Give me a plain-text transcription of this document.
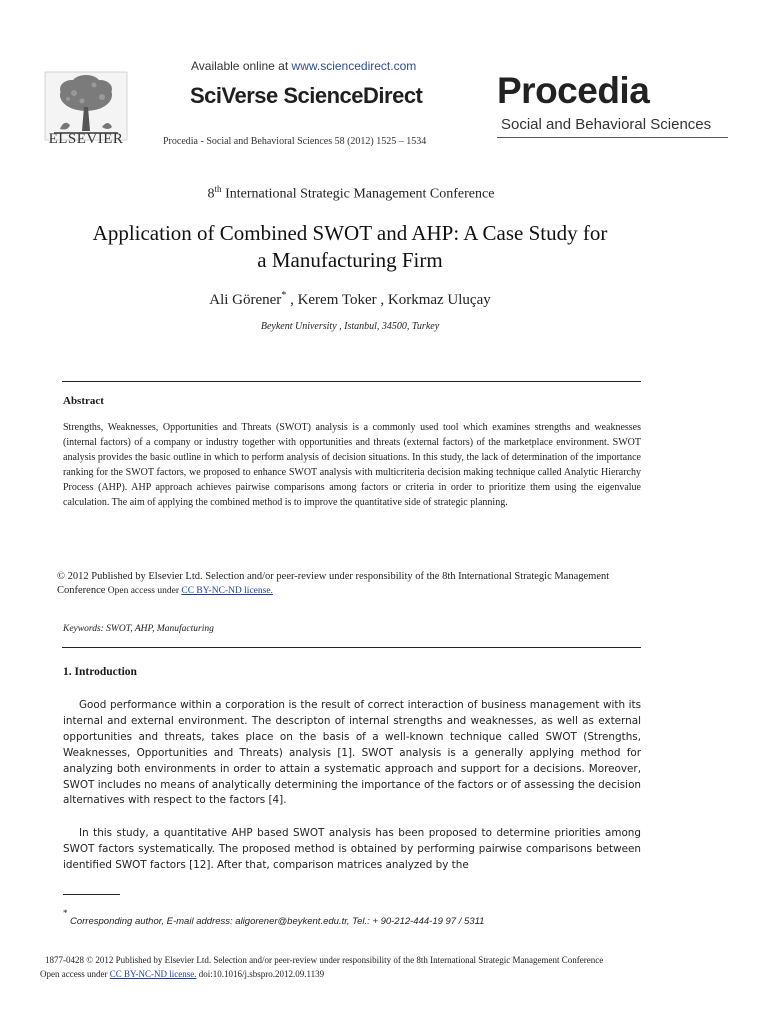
ELSEVIER
Available online at www.sciencedirect.com
SciVerse ScienceDirect
Procedia - Social and Behavioral Sciences 58 (2012) 1525 – 1534
Procedia
Social and Behavioral Sciences
8th International Strategic Management Conference
Application of Combined SWOT and AHP: A Case Study for
a Manufacturing Firm
Ali Görener* , Kerem Toker , Korkmaz Uluçay
Beykent University , Istanbul, 34500, Turkey
Abstract
Strengths, Weaknesses, Opportunities and Threats (SWOT) analysis is a commonly used tool which examines strengths and weaknesses (internal factors) of a company or industry together with opportunities and threats (external factors) of the marketplace environment. SWOT analysis provides the basic outline in which to perform analysis of decision situations. In this study, the lack of determination of the importance ranking for the SWOT factors, we proposed to enhance SWOT analysis with multicriteria decision making technique called Analytic Hierarchy Process (AHP). AHP approach achieves pairwise comparisons among factors or criteria in order to prioritize them using the eigenvalue calculation. The aim of applying the combined method is to improve the quantitative side of strategic planning.
© 2012 Published by Elsevier Ltd. Selection and/or peer-review under responsibility of the 8th International Strategic Management Conference Open access under CC BY-NC-ND license.
Keywords: SWOT, AHP, Manufacturing
1. Introduction
Good performance within a corporation is the result of correct interaction of business management with its internal and external environment. The descripton of internal strengths and weaknesses, as well as external opportunities and threats, takes place on the basis of a well-known technique called SWOT (Strengths, Weaknesses, Opportunities and Threats) analysis [1]. SWOT analysis is a generally applying method for analyzing both environments in order to attain a systematic approach and support for a decisions. Moreover, SWOT includes no means of analytically determining the importance of the factors or of assessing the decision alternatives with respect to the factors [4].
In this study, a quantitative AHP based SWOT analysis has been proposed to determine priorities among SWOT factors systematically. The proposed method is obtained by performing pairwise comparisons between identified SWOT factors [12]. After that, comparison matrices analyzed by the
*
Corresponding author, E-mail address: aligorener@beykent.edu.tr, Tel.: + 90-212-444-19 97 / 5311
1877-0428 © 2012 Published by Elsevier Ltd. Selection and/or peer-review under responsibility of the 8th International Strategic Management Conference
Open access under CC BY-NC-ND license. doi:10.1016/j.sbspro.2012.09.1139
